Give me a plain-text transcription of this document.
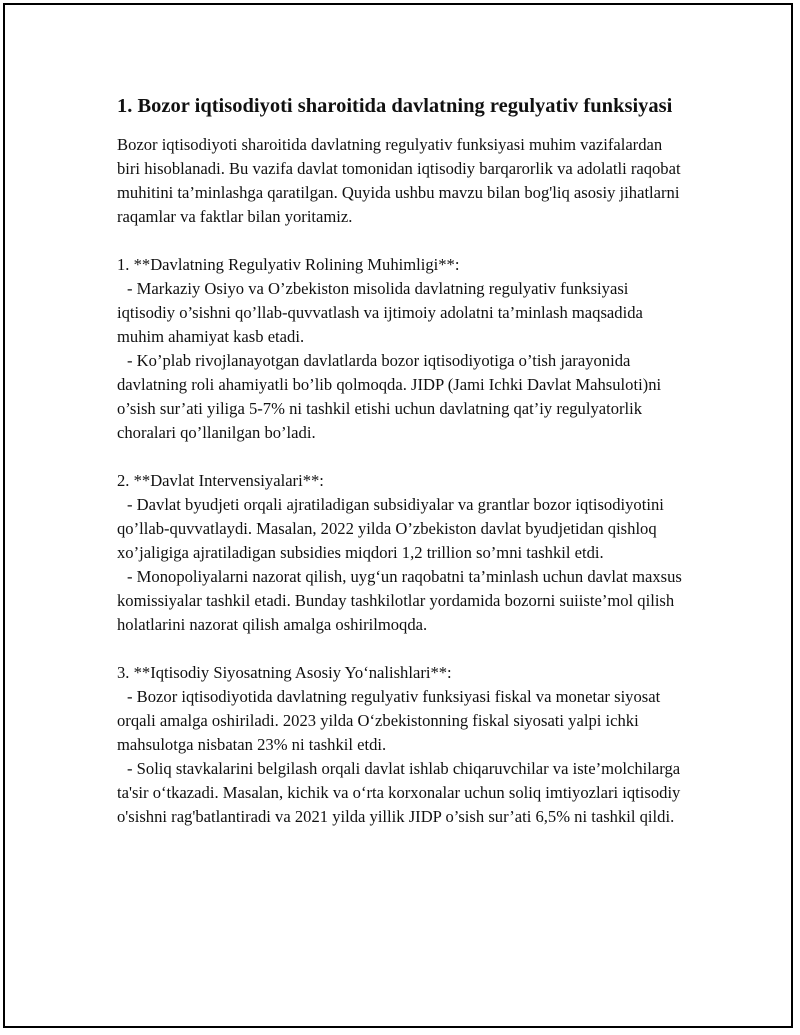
1. Bozor iqtisodiyoti sharoitida davlatning regulyativ funksiyasi

Bozor iqtisodiyoti sharoitida davlatning regulyativ funksiyasi muhim vazifalardan biri hisoblanadi. Bu vazifa davlat tomonidan iqtisodiy barqarorlik va adolatli raqobat muhitini ta’minlashga qaratilgan. Quyida ushbu mavzu bilan bog'liq asosiy jihatlarni raqamlar va faktlar bilan yoritamiz.

1. **Davlatning Regulyativ Rolining Muhimligi**:

- Markaziy Osiyo va O’zbekiston misolida davlatning regulyativ funksiyasi iqtisodiy o’sishni qo’llab-quvvatlash va ijtimoiy adolatni ta’minlash maqsadida muhim ahamiyat kasb etadi.

- Ko’plab rivojlanayotgan davlatlarda bozor iqtisodiyotiga o’tish jarayonida davlatning roli ahamiyatli bo’lib qolmoqda. JIDP (Jami Ichki Davlat Mahsuloti)ni o’sish sur’ati yiliga 5-7% ni tashkil etishi uchun davlatning qat’iy regulyatorlik choralari qo’llanilgan bo’ladi.

2. **Davlat Intervensiyalari**:

- Davlat byudjeti orqali ajratiladigan subsidiyalar va grantlar bozor iqtisodiyotini qo’llab-quvvatlaydi. Masalan, 2022 yilda O’zbekiston davlat byudjetidan qishloq xo’jaligiga ajratiladigan subsidies miqdori 1,2 trillion so’mni tashkil etdi.

- Monopoliyalarni nazorat qilish, uyg‘un raqobatni ta’minlash uchun davlat maxsus komissiyalar tashkil etadi. Bunday tashkilotlar yordamida bozorni suiiste’mol qilish holatlarini nazorat qilish amalga oshirilmoqda.

3. **Iqtisodiy Siyosatning Asosiy Yo‘nalishlari**:

- Bozor iqtisodiyotida davlatning regulyativ funksiyasi fiskal va monetar siyosat orqali amalga oshiriladi. 2023 yilda O‘zbekistonning fiskal siyosati yalpi ichki mahsulotga nisbatan 23% ni tashkil etdi.

- Soliq stavkalarini belgilash orqali davlat ishlab chiqaruvchilar va iste’molchilarga ta'sir o‘tkazadi. Masalan, kichik va o‘rta korxonalar uchun soliq imtiyozlari iqtisodiy o'sishni rag'batlantiradi va 2021 yilda yillik JIDP o’sish sur’ati 6,5% ni tashkil qildi.
